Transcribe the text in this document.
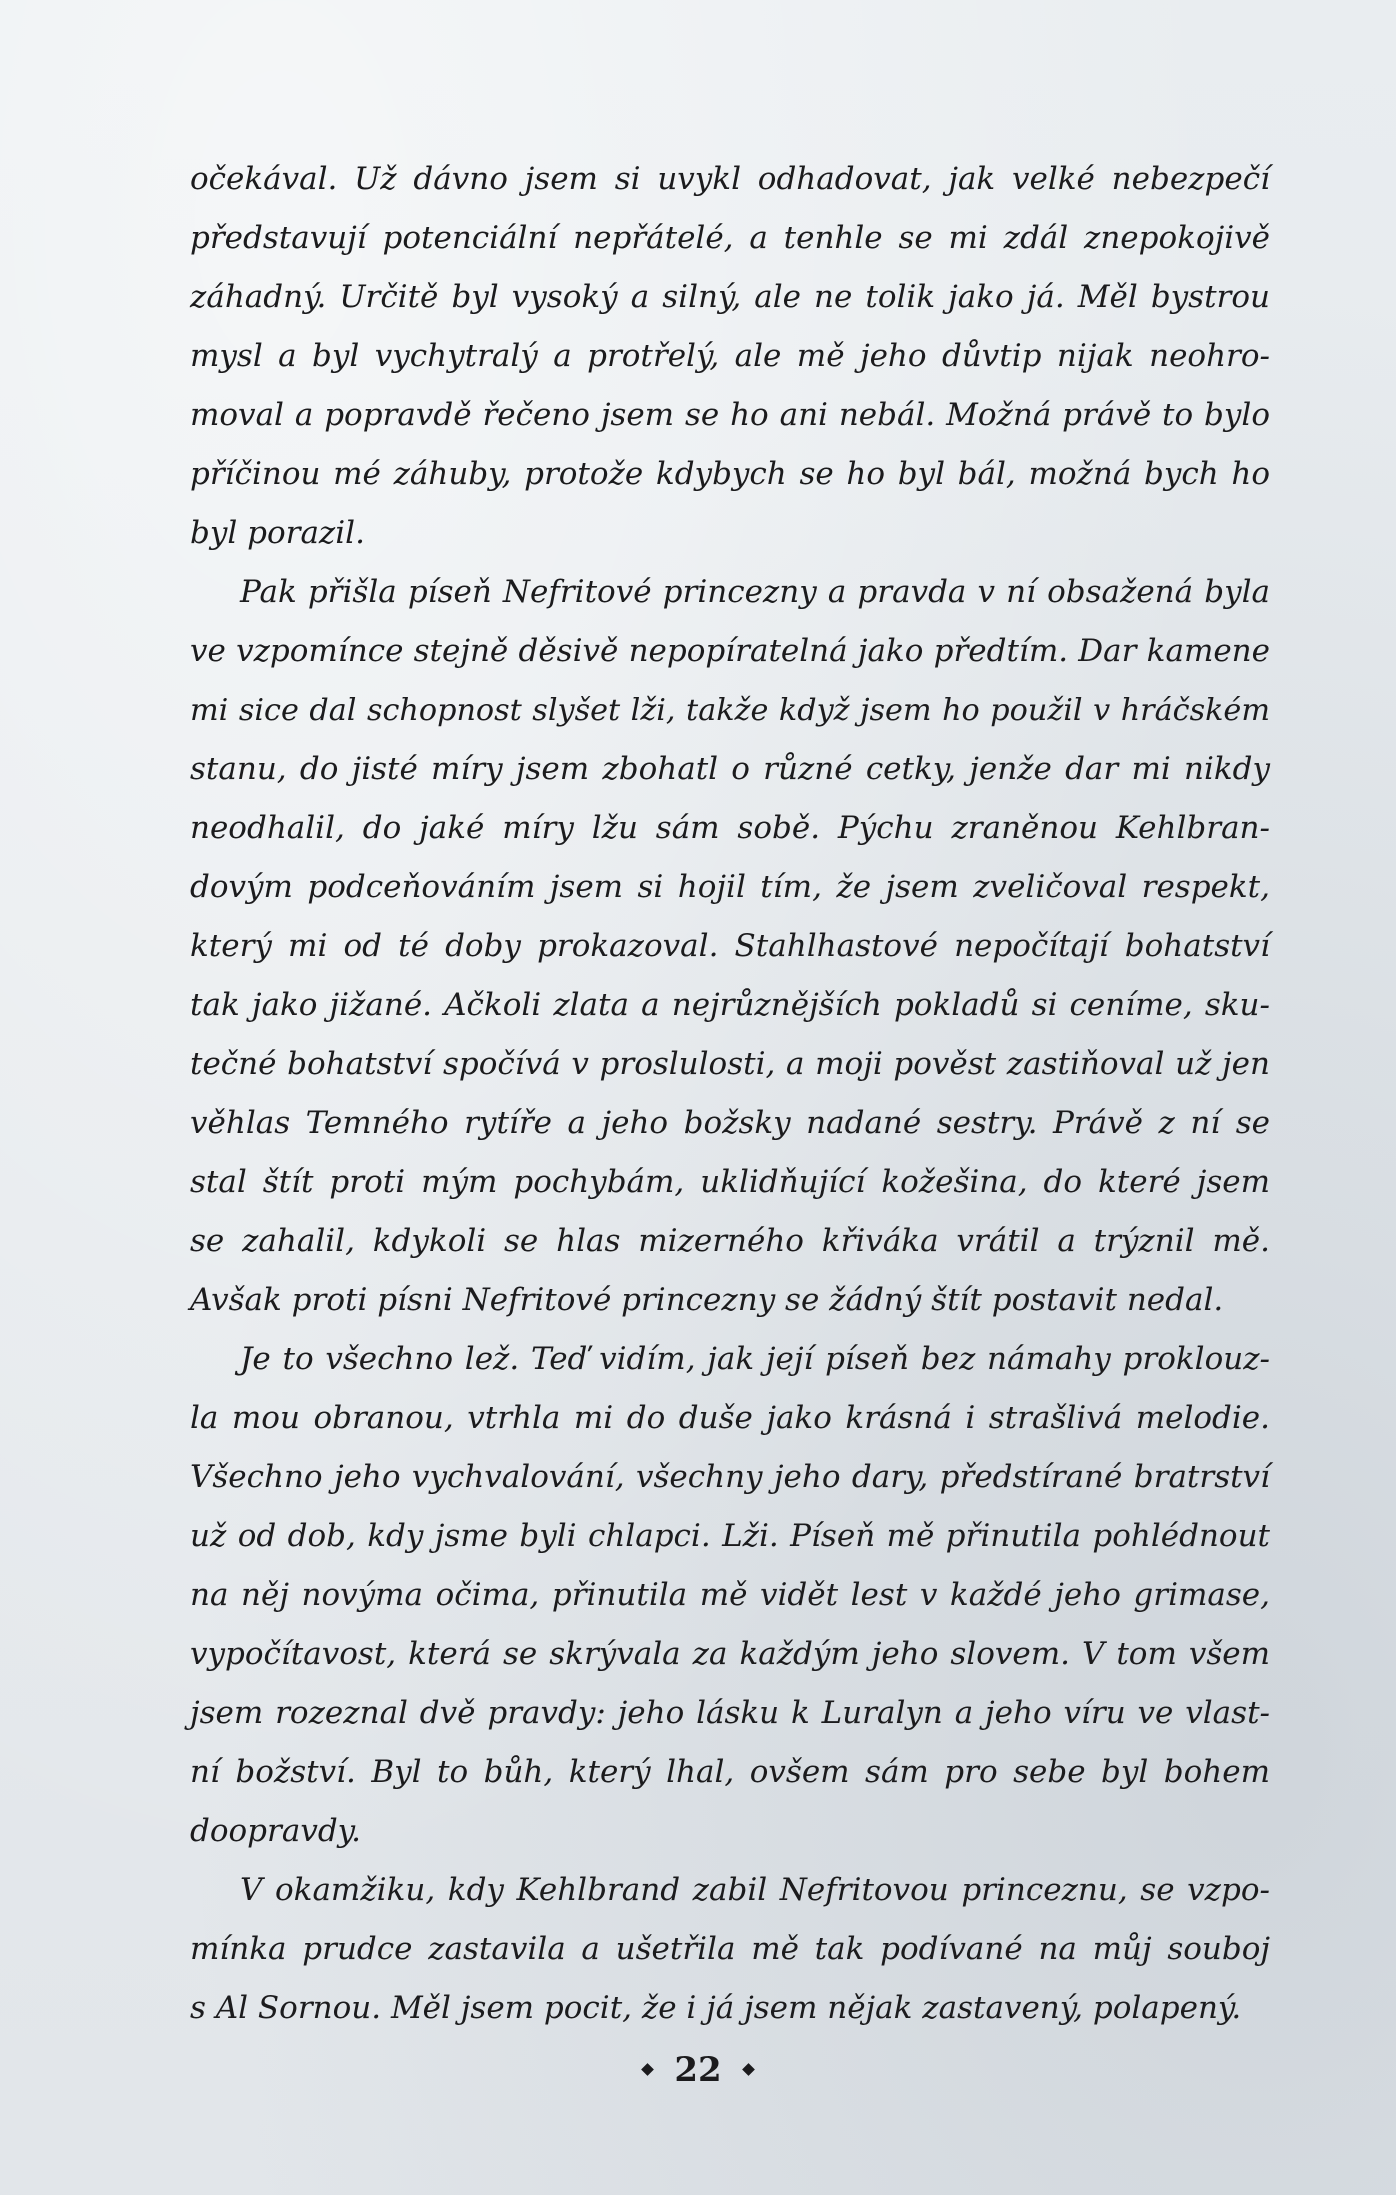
očekával. Už dávno jsem si uvykl odhadovat, jak velké nebezpečí
představují potenciální nepřátelé, a tenhle se mi zdál znepokojivě
záhadný. Určitě byl vysoký a silný, ale ne tolik jako já. Měl bystrou
mysl a byl vychytralý a protřelý, ale mě jeho důvtip nijak neohro-
moval a popravdě řečeno jsem se ho ani nebál. Možná právě to bylo
příčinou mé záhuby, protože kdybych se ho byl bál, možná bych ho
byl porazil.

Pak přišla píseň Nefritové princezny a pravda v ní obsažená byla
ve vzpomínce stejně děsivě nepopíratelná jako předtím. Dar kamene
mi sice dal schopnost slyšet lži, takže když jsem ho použil v hráčském
stanu, do jisté míry jsem zbohatl o různé cetky, jenže dar mi nikdy
neodhalil, do jaké míry lžu sám sobě. Pýchu zraněnou Kehlbran-
dovým podceňováním jsem si hojil tím, že jsem zveličoval respekt,
který mi od té doby prokazoval. Stahlhastové nepočítají bohatství
tak jako jižané. Ačkoli zlata a nejrůznějších pokladů si ceníme, sku-
tečné bohatství spočívá v proslulosti, a moji pověst zastiňoval už jen
věhlas Temného rytíře a jeho božsky nadané sestry. Právě z ní se
stal štít proti mým pochybám, uklidňující kožešina, do které jsem
se zahalil, kdykoli se hlas mizerného křiváka vrátil a trýznil mě.
Avšak proti písni Nefritové princezny se žádný štít postavit nedal.

Je to všechno lež. Teď vidím, jak její píseň bez námahy proklouz-
la mou obranou, vtrhla mi do duše jako krásná i strašlivá melodie.
Všechno jeho vychvalování, všechny jeho dary, předstírané bratrství
už od dob, kdy jsme byli chlapci. Lži. Píseň mě přinutila pohlédnout
na něj novýma očima, přinutila mě vidět lest v každé jeho grimase,
vypočítavost, která se skrývala za každým jeho slovem. V tom všem
jsem rozeznal dvě pravdy: jeho lásku k Luralyn a jeho víru ve vlast-
ní božství. Byl to bůh, který lhal, ovšem sám pro sebe byl bohem
doopravdy.

V okamžiku, kdy Kehlbrand zabil Nefritovou princeznu, se vzpo-
mínka prudce zastavila a ušetřila mě tak podívané na můj souboj
s Al Sornou. Měl jsem pocit, že i já jsem nějak zastavený, polapený.

22
